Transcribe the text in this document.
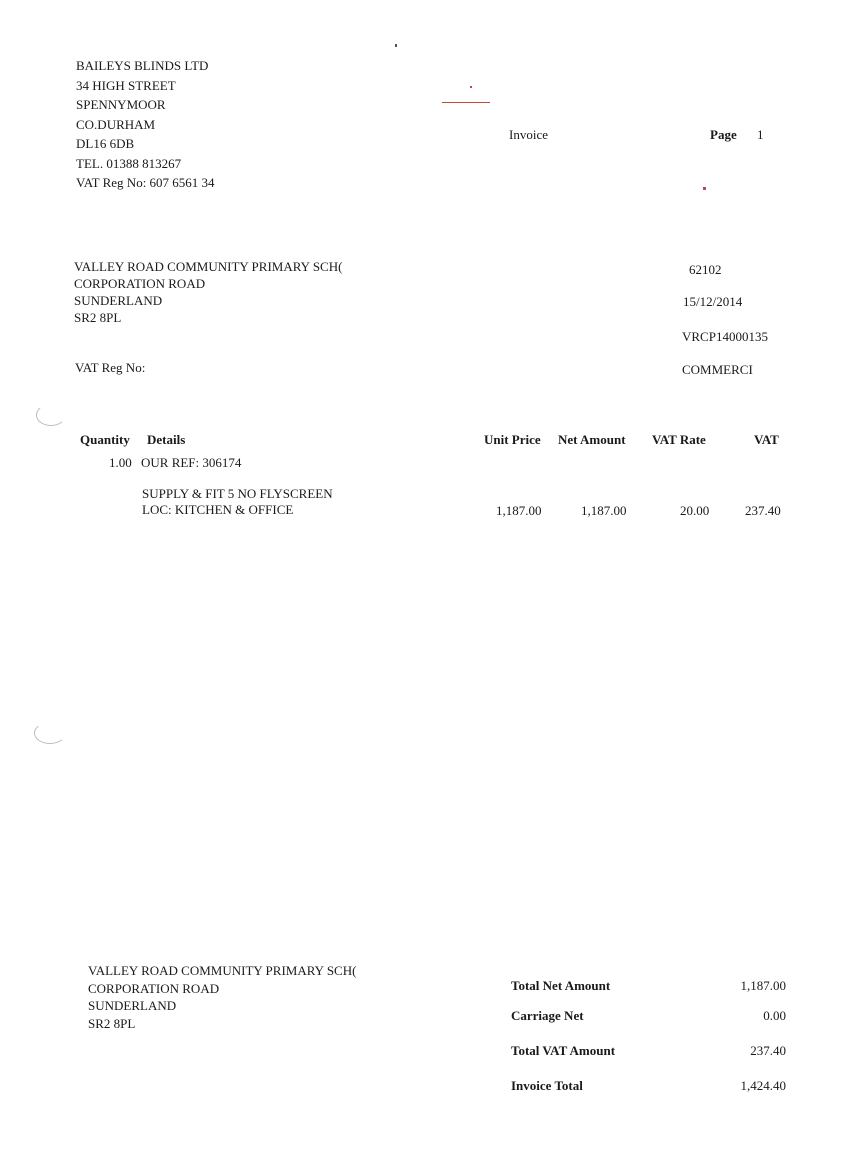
BAILEYS BLINDS LTD
34 HIGH STREET
SPENNYMOOR
CO.DURHAM
DL16 6DB
TEL. 01388 813267
VAT Reg No: 607 6561 34
Invoice	Page 1
VALLEY ROAD COMMUNITY PRIMARY SCH(
CORPORATION ROAD
SUNDERLAND
SR2 8PL
VAT Reg No:
62102
15/12/2014
VRCP14000135
COMMERCI
Quantity Details	Unit Price Net Amount VAT Rate	VAT
1.00 OUR REF: 306174
SUPPLY & FIT 5 NO FLYSCREEN
LOC: KITCHEN & OFFICE	1,187.00	1,187.00	20.00	237.40
VALLEY ROAD COMMUNITY PRIMARY SCH(
CORPORATION ROAD
SUNDERLAND
SR2 8PL
Total Net Amount	1,187.00
Carriage Net	0.00
Total VAT Amount	237.40
Invoice Total	1,424.40
